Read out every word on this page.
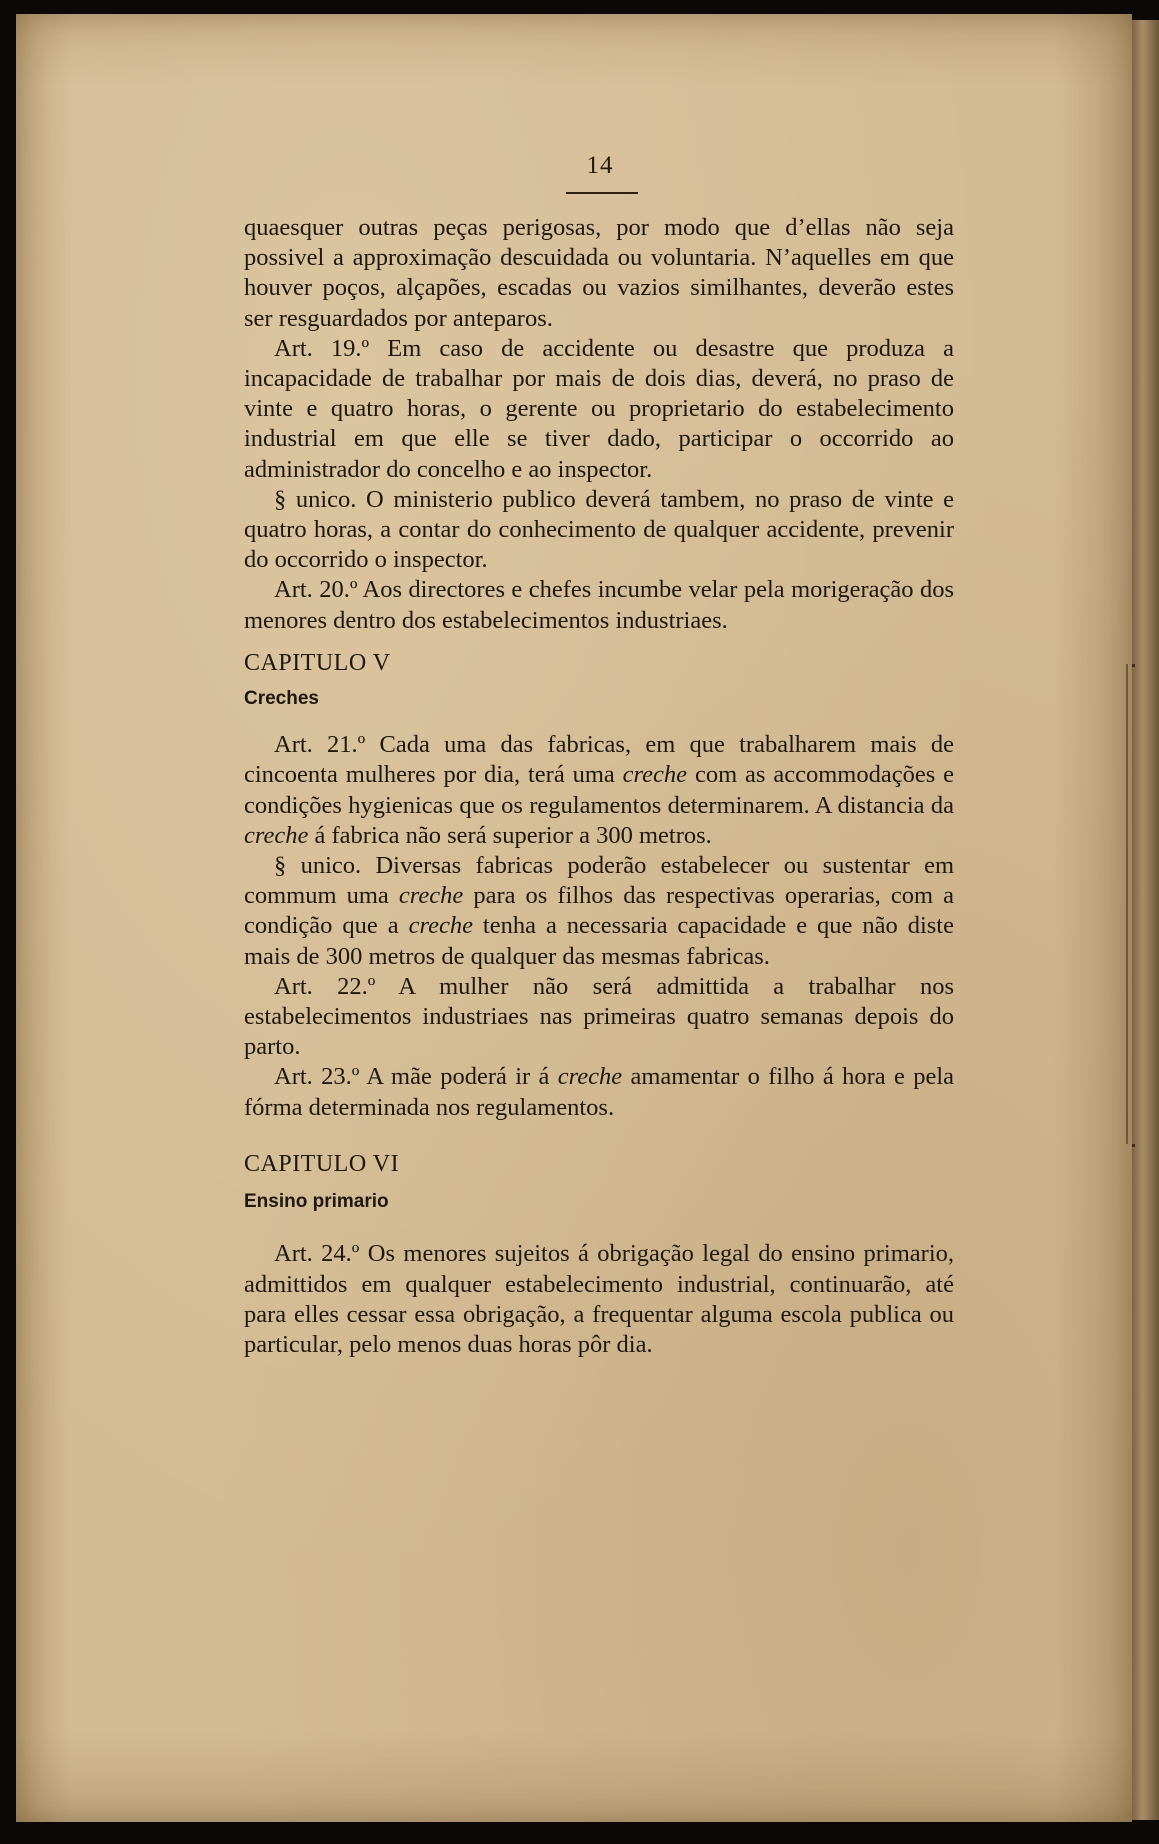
14

quaesquer outras peças perigosas, por modo que d’ellas não seja possivel a approximação descuidada ou voluntaria. N’aquelles em que houver poços, alçapões, escadas ou vazios similhantes, deverão estes ser resguardados por anteparos.

Art. 19.º Em caso de accidente ou desastre que produza a incapacidade de trabalhar por mais de dois dias, deverá, no praso de vinte e quatro horas, o gerente ou proprietario do estabelecimento industrial em que elle se tiver dado, participar o occorrido ao administrador do concelho e ao inspector.

§ unico. O ministerio publico deverá tambem, no praso de vinte e quatro horas, a contar do conhecimento de qualquer accidente, prevenir do occorrido o inspector.

Art. 20.º Aos directores e chefes incumbe velar pela morigeração dos menores dentro dos estabelecimentos industriaes.

CAPITULO V

Creches

Art. 21.º Cada uma das fabricas, em que trabalharem mais de cincoenta mulheres por dia, terá uma creche com as accommodações e condições hygienicas que os regulamentos determinarem. A distancia da creche á fabrica não será superior a 300 metros.

§ unico. Diversas fabricas poderão estabelecer ou sustentar em commum uma creche para os filhos das respectivas operarias, com a condição que a creche tenha a necessaria capacidade e que não diste mais de 300 metros de qualquer das mesmas fabricas.

Art. 22.º A mulher não será admittida a trabalhar nos estabelecimentos industriaes nas primeiras quatro semanas depois do parto.

Art. 23.º A mãe poderá ir á creche amamentar o filho á hora e pela fórma determinada nos regulamentos.

CAPITULO VI

Ensino primario

Art. 24.º Os menores sujeitos á obrigação legal do ensino primario, admittidos em qualquer estabelecimento industrial, continuarão, até para elles cessar essa obrigação, a frequentar alguma escola publica ou particular, pelo menos duas horas pôr dia.
